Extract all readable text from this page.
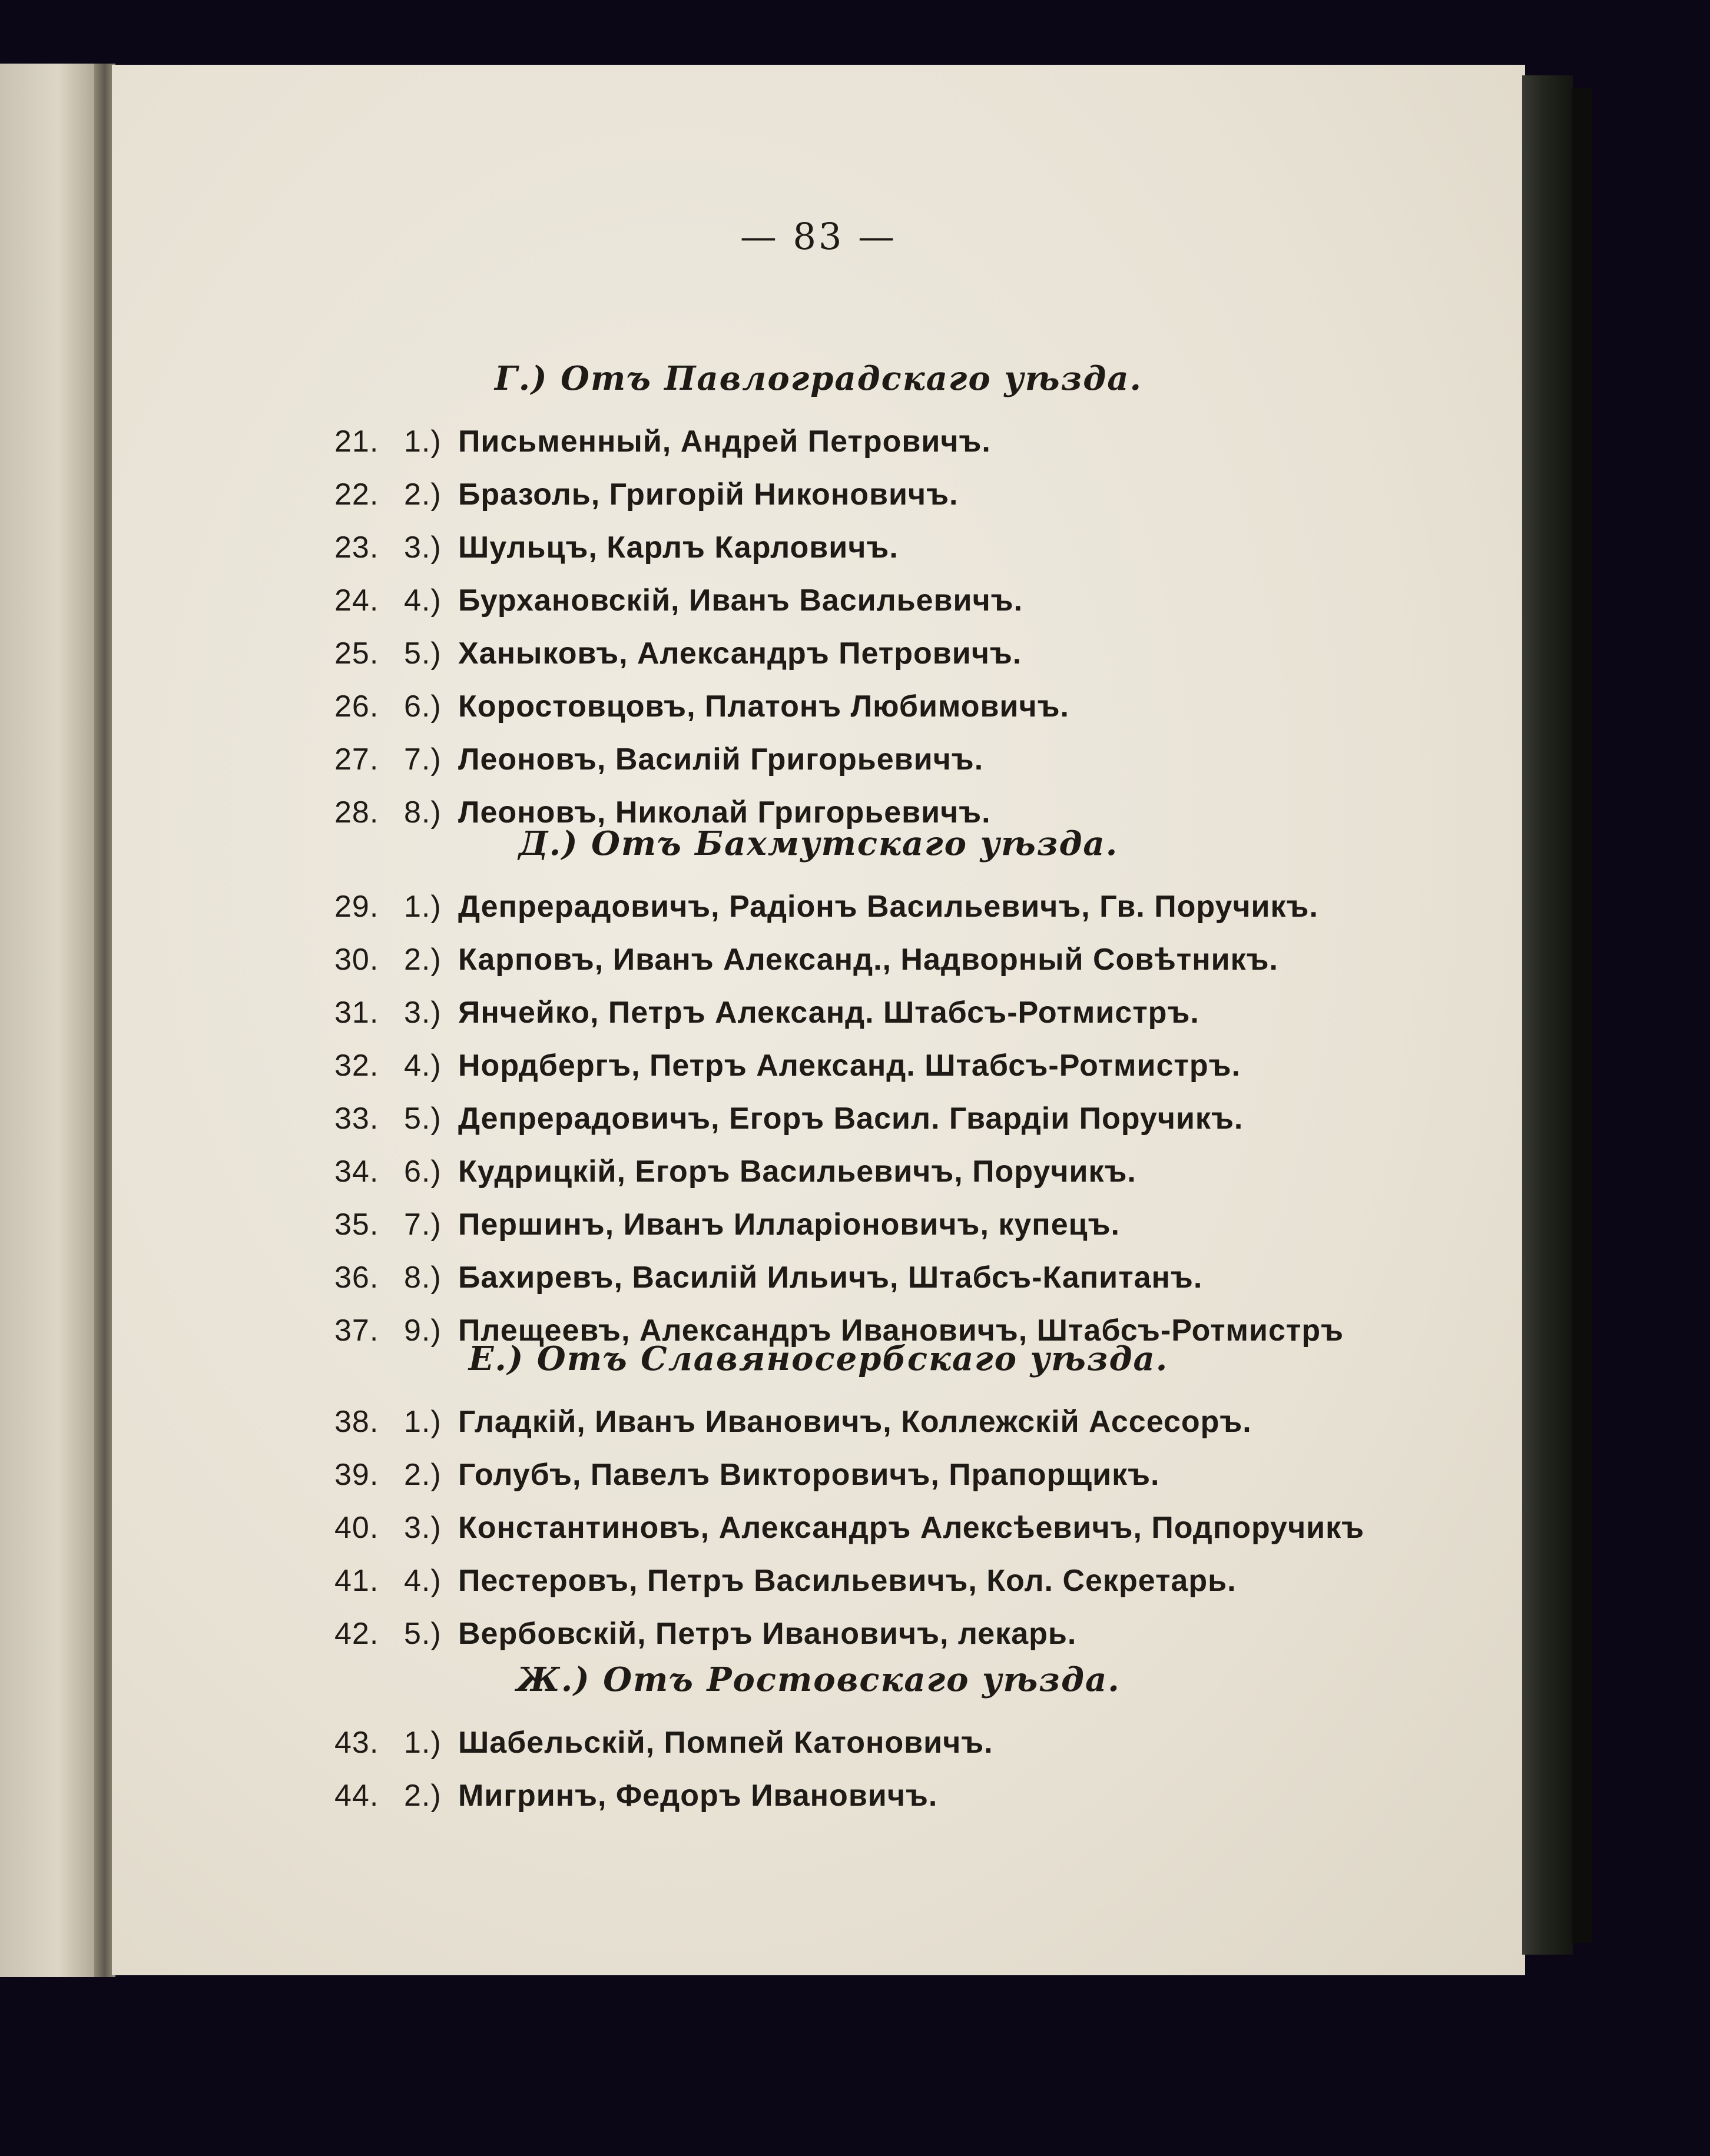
— 83 —
Г.) Отъ Павлоградскаго уѣзда.
21. 1.) Письменный, Андрей Петровичъ.
22. 2.) Бразоль, Григорій Никоновичъ.
23. 3.) Шульцъ, Карлъ Карловичъ.
24. 4.) Бурхановскій, Иванъ Васильевичъ.
25. 5.) Ханыковъ, Александръ Петровичъ.
26. 6.) Коростовцовъ, Платонъ Любимовичъ.
27. 7.) Леоновъ, Василій Григорьевичъ.
28. 8.) Леоновъ, Николай Григорьевичъ.
Д.) Отъ Бахмутскаго уѣзда.
29. 1.) Депрерадовичъ, Радіонъ Васильевичъ, Гв. Поручикъ.
30. 2.) Карповъ, Иванъ Александ., Надворный Совѣтникъ.
31. 3.) Янчейко, Петръ Александ. Штабсъ-Ротмистръ.
32. 4.) Нордбергъ, Петръ Александ. Штабсъ-Ротмистръ.
33. 5.) Депрерадовичъ, Егоръ Васил. Гвардіи Поручикъ.
34. 6.) Кудрицкій, Егоръ Васильевичъ, Поручикъ.
35. 7.) Першинъ, Иванъ Илларіоновичъ, купецъ.
36. 8.) Бахиревъ, Василій Ильичъ, Штабсъ-Капитанъ.
37. 9.) Плещеевъ, Александръ Ивановичъ, Штабсъ-Ротмистръ
Е.) Отъ Славяносербскаго уѣзда.
38. 1.) Гладкій, Иванъ Ивановичъ, Коллежскій Ассесоръ.
39. 2.) Голубъ, Павелъ Викторовичъ, Прапорщикъ.
40. 3.) Константиновъ, Александръ Алексѣевичъ, Подпоручикъ
41. 4.) Пестеровъ, Петръ Васильевичъ, Кол. Секретарь.
42. 5.) Вербовскій, Петръ Ивановичъ, лекарь.
Ж.) Отъ Ростовскаго уѣзда.
43. 1.) Шабельскій, Помпей Катоновичъ.
44. 2.) Мигринъ, Федоръ Ивановичъ.
